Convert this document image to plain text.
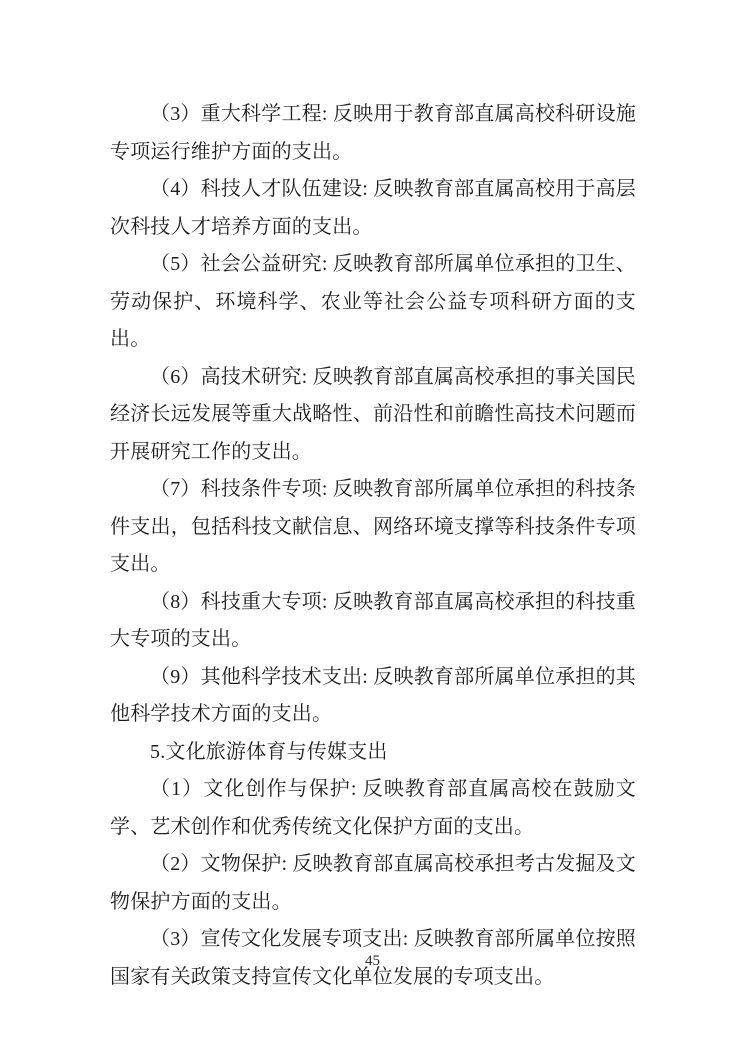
（3）重大科学工程: 反映用于教育部直属高校科研设施专项运行维护方面的支出。

（4）科技人才队伍建设: 反映教育部直属高校用于高层次科技人才培养方面的支出。

（5）社会公益研究: 反映教育部所属单位承担的卫生、劳动保护、环境科学、农业等社会公益专项科研方面的支出。

（6）高技术研究: 反映教育部直属高校承担的事关国民经济长远发展等重大战略性、前沿性和前瞻性高技术问题而开展研究工作的支出。

（7）科技条件专项: 反映教育部所属单位承担的科技条件支出，包括科技文献信息、网络环境支撑等科技条件专项支出。

（8）科技重大专项: 反映教育部直属高校承担的科技重大专项的支出。

（9）其他科学技术支出: 反映教育部所属单位承担的其他科学技术方面的支出。

5.文化旅游体育与传媒支出

（1）文化创作与保护: 反映教育部直属高校在鼓励文学、艺术创作和优秀传统文化保护方面的支出。

（2）文物保护: 反映教育部直属高校承担考古发掘及文物保护方面的支出。

（3）宣传文化发展专项支出: 反映教育部所属单位按照国家有关政策支持宣传文化单位发展的专项支出。

45
